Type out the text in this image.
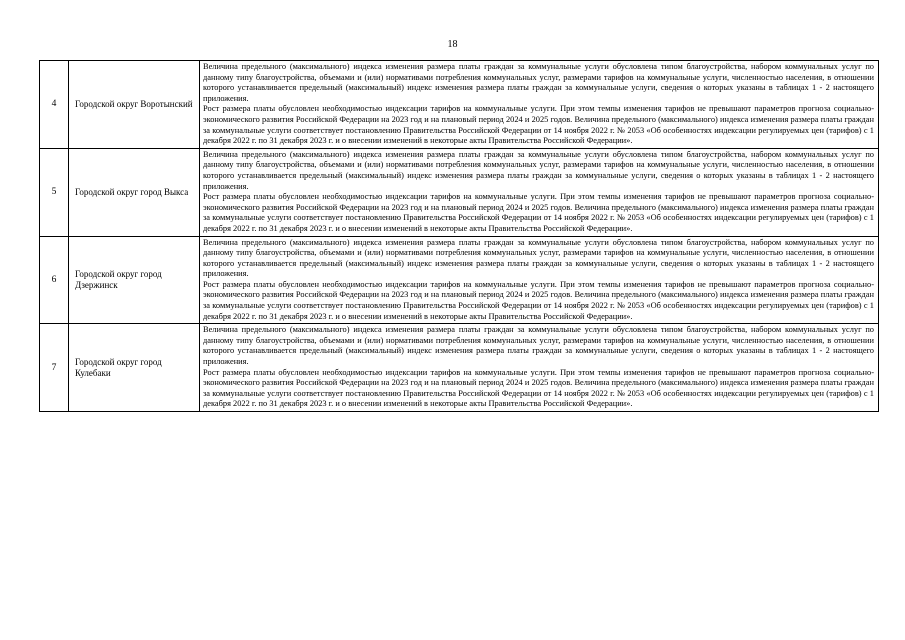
18
4	Городской округ Воротынский	Величина предельного (максимального) индекса изменения размера платы граждан за коммунальные услуги обусловлена типом благоустройства, набором коммунальных услуг по данному типу благоустройства, объемами и (или) нормативами потребления коммунальных услуг, размерами тарифов на коммунальные услуги, численностью населения, в отношении которого устанавливается предельный (максимальный) индекс изменения размера платы граждан за коммунальные услуги, сведения о которых указаны в таблицах 1 - 2 настоящего приложения.
Рост размера платы обусловлен необходимостью индексации тарифов на коммунальные услуги. При этом темпы изменения тарифов не превышают параметров прогноза социально-экономического развития Российской Федерации на 2023 год и на плановый период 2024 и 2025 годов. Величина предельного (максимального) индекса изменения размера платы граждан за коммунальные услуги соответствует постановлению Правительства Российской Федерации от 14 ноября 2022 г. № 2053 «Об особенностях индексации регулируемых цен (тарифов) с 1 декабря 2022 г. по 31 декабря 2023 г. и о внесении изменений в некоторые акты Правительства Российской Федерации».

5	Городской округ город Выкса	Величина предельного (максимального) индекса изменения размера платы граждан за коммунальные услуги обусловлена типом благоустройства, набором коммунальных услуг по данному типу благоустройства, объемами и (или) нормативами потребления коммунальных услуг, размерами тарифов на коммунальные услуги, численностью населения, в отношении которого устанавливается предельный (максимальный) индекс изменения размера платы граждан за коммунальные услуги, сведения о которых указаны в таблицах 1 - 2 настоящего приложения.
Рост размера платы обусловлен необходимостью индексации тарифов на коммунальные услуги. При этом темпы изменения тарифов не превышают параметров прогноза социально-экономического развития Российской Федерации на 2023 год и на плановый период 2024 и 2025 годов. Величина предельного (максимального) индекса изменения размера платы граждан за коммунальные услуги соответствует постановлению Правительства Российской Федерации от 14 ноября 2022 г. № 2053 «Об особенностях индексации регулируемых цен (тарифов) с 1 декабря 2022 г. по 31 декабря 2023 г. и о внесении изменений в некоторые акты Правительства Российской Федерации».

6	Городской округ город Дзержинск	Величина предельного (максимального) индекса изменения размера платы граждан за коммунальные услуги обусловлена типом благоустройства, набором коммунальных услуг по данному типу благоустройства, объемами и (или) нормативами потребления коммунальных услуг, размерами тарифов на коммунальные услуги, численностью населения, в отношении которого устанавливается предельный (максимальный) индекс изменения размера платы граждан за коммунальные услуги, сведения о которых указаны в таблицах 1 - 2 настоящего приложения.
Рост размера платы обусловлен необходимостью индексации тарифов на коммунальные услуги. При этом темпы изменения тарифов не превышают параметров прогноза социально-экономического развития Российской Федерации на 2023 год и на плановый период 2024 и 2025 годов. Величина предельного (максимального) индекса изменения размера платы граждан за коммунальные услуги соответствует постановлению Правительства Российской Федерации от 14 ноября 2022 г. № 2053 «Об особенностях индексации регулируемых цен (тарифов) с 1 декабря 2022 г. по 31 декабря 2023 г. и о внесении изменений в некоторые акты Правительства Российской Федерации».

7	Городской округ город Кулебаки	Величина предельного (максимального) индекса изменения размера платы граждан за коммунальные услуги обусловлена типом благоустройства, набором коммунальных услуг по данному типу благоустройства, объемами и (или) нормативами потребления коммунальных услуг, размерами тарифов на коммунальные услуги, численностью населения, в отношении которого устанавливается предельный (максимальный) индекс изменения размера платы граждан за коммунальные услуги, сведения о которых указаны в таблицах 1 - 2 настоящего приложения.
Рост размера платы обусловлен необходимостью индексации тарифов на коммунальные услуги. При этом темпы изменения тарифов не превышают параметров прогноза социально-экономического развития Российской Федерации на 2023 год и на плановый период 2024 и 2025 годов. Величина предельного (максимального) индекса изменения размера платы граждан за коммунальные услуги соответствует постановлению Правительства Российской Федерации от 14 ноября 2022 г. № 2053 «Об особенностях индексации регулируемых цен (тарифов) с 1 декабря 2022 г. по 31 декабря 2023 г. и о внесении изменений в некоторые акты Правительства Российской Федерации».
